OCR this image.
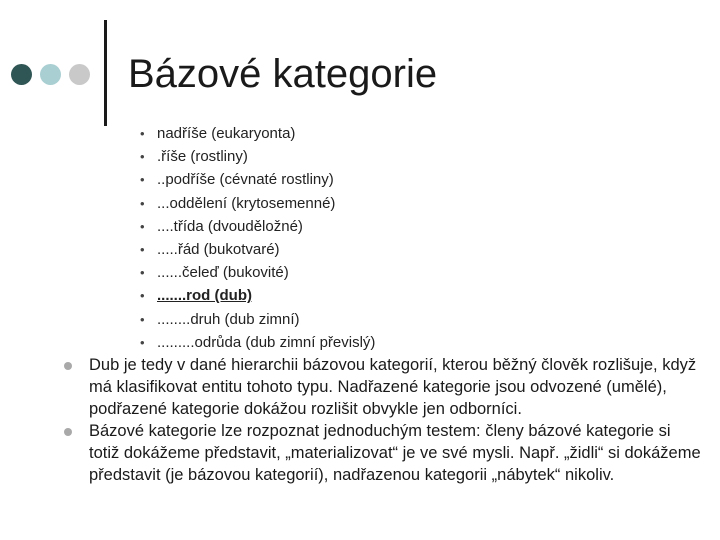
Bázové kategorie
• nadříše (eukaryonta)
• .říše (rostliny)
• ..podříše (cévnaté rostliny)
• ...oddělení (krytosemenné)
• ....třída (dvouděložné)
• .....řád (bukotvaré)
• ......čeleď (bukovité)
• .......rod (dub)
• ........druh (dub zimní)
• .........odrůda (dub zimní převislý)
Dub je tedy v dané hierarchii bázovou kategorií, kterou běžný člověk rozlišuje, když má klasifikovat entitu tohoto typu. Nadřazené kategorie jsou odvozené (umělé), podřazené kategorie dokážou rozlišit obvykle jen odborníci.
Bázové kategorie lze rozpoznat jednoduchým testem: členy bázové kategorie si totiž dokážeme představit, „materializovat“ je ve své mysli. Např. „židli“ si dokážeme představit (je bázovou kategorií), nadřazenou kategorii „nábytek“ nikoliv.
